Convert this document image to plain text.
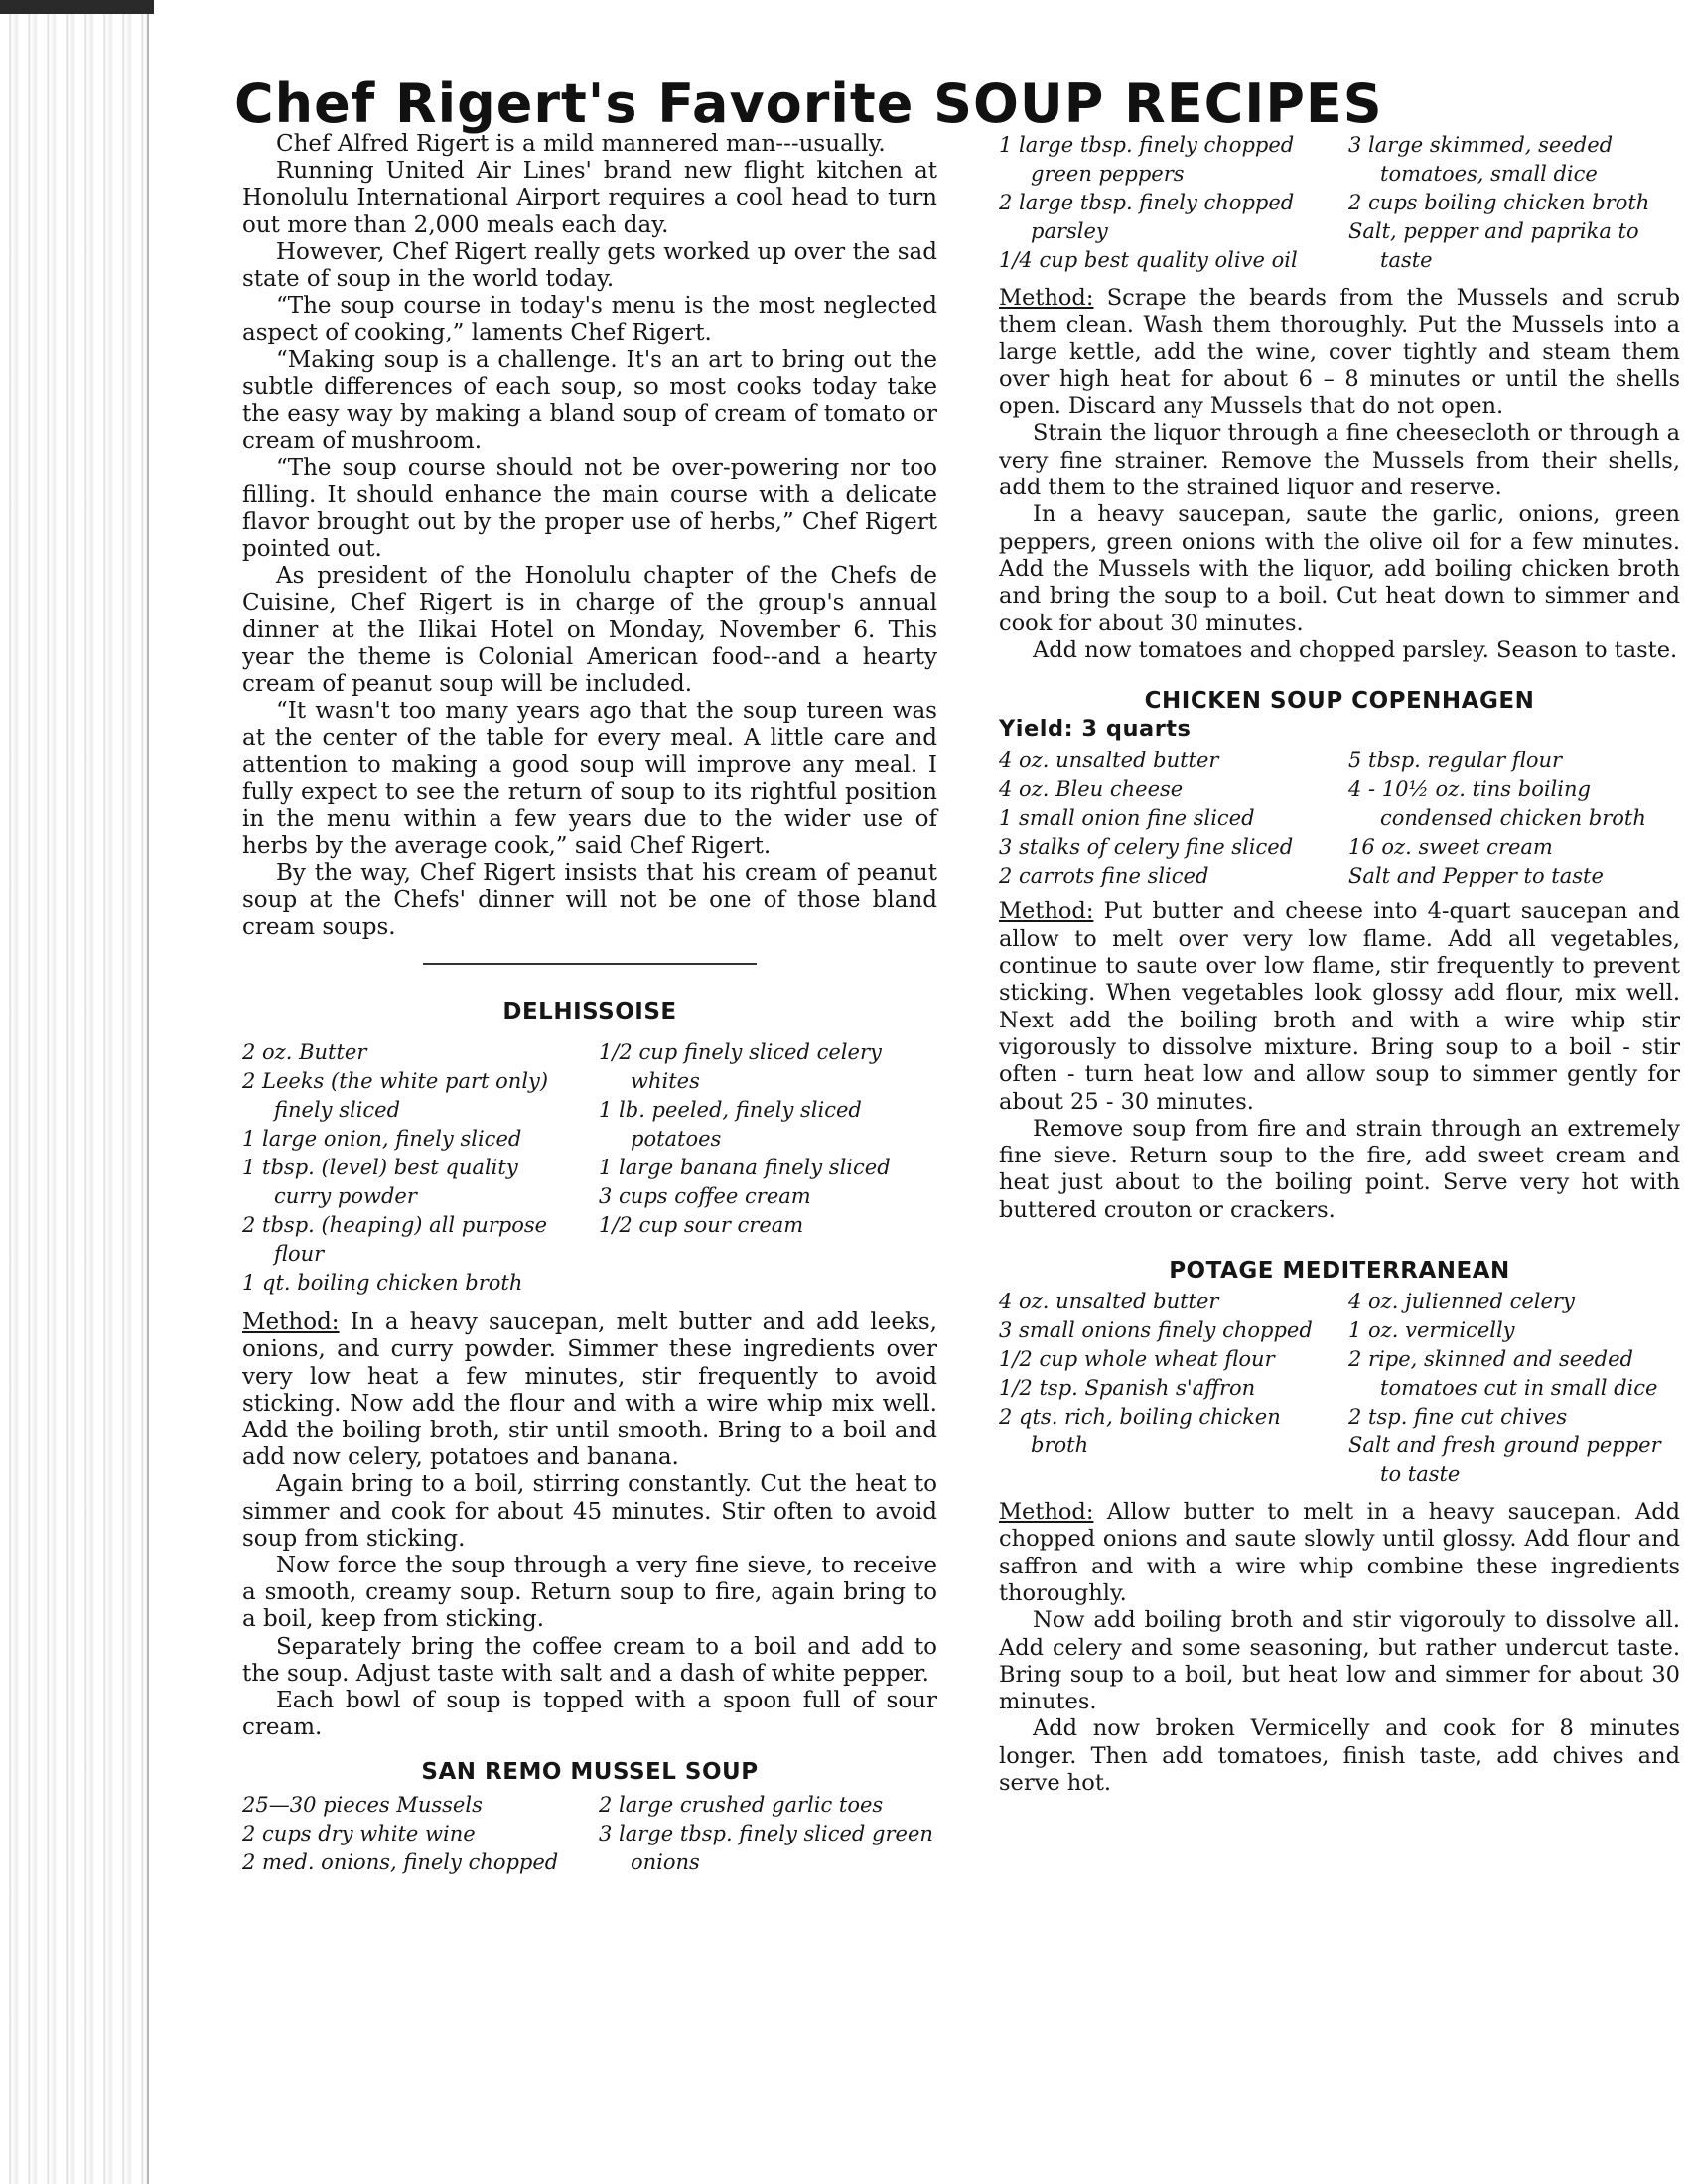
Chef Rigert's Favorite SOUP RECIPES

Chef Alfred Rigert is a mild mannered man---usually.

Running United Air Lines' brand new flight kitchen at Honolulu International Airport requires a cool head to turn out more than 2,000 meals each day.

However, Chef Rigert really gets worked up over the sad state of soup in the world today.

“The soup course in today's menu is the most neglected aspect of cooking,” laments Chef Rigert.

“Making soup is a challenge. It's an art to bring out the subtle differences of each soup, so most cooks today take the easy way by making a bland soup of cream of tomato or cream of mushroom.

“The soup course should not be over-powering nor too filling. It should enhance the main course with a delicate flavor brought out by the proper use of herbs,” Chef Rigert pointed out.

As president of the Honolulu chapter of the Chefs de Cuisine, Chef Rigert is in charge of the group's annual dinner at the Ilikai Hotel on Monday, November 6. This year the theme is Colonial American food--and a hearty cream of peanut soup will be included.

“It wasn't too many years ago that the soup tureen was at the center of the table for every meal. A little care and attention to making a good soup will improve any meal. I fully expect to see the return of soup to its rightful position in the menu within a few years due to the wider use of herbs by the average cook,” said Chef Rigert.

By the way, Chef Rigert insists that his cream of peanut soup at the Chefs' dinner will not be one of those bland cream soups.

DELHISSOISE
2 oz. Butter
2 Leeks (the white part only) finely sliced
1 large onion, finely sliced
1 tbsp. (level) best quality curry powder
2 tbsp. (heaping) all purpose flour
1 qt. boiling chicken broth
1/2 cup finely sliced celery whites
1 lb. peeled, finely sliced potatoes
1 large banana finely sliced
3 cups coffee cream
1/2 cup sour cream

Method: In a heavy saucepan, melt butter and add leeks, onions, and curry powder. Simmer these ingredients over very low heat a few minutes, stir frequently to avoid sticking. Now add the flour and with a wire whip mix well. Add the boiling broth, stir until smooth. Bring to a boil and add now celery, potatoes and banana.

Again bring to a boil, stirring constantly. Cut the heat to simmer and cook for about 45 minutes. Stir often to avoid soup from sticking.

Now force the soup through a very fine sieve, to receive a smooth, creamy soup. Return soup to fire, again bring to a boil, keep from sticking.

Separately bring the coffee cream to a boil and add to the soup. Adjust taste with salt and a dash of white pepper.

Each bowl of soup is topped with a spoon full of sour cream.

SAN REMO MUSSEL SOUP
25—30 pieces Mussels
2 cups dry white wine
2 med. onions, finely chopped
2 large crushed garlic toes
3 large tbsp. finely sliced green onions
1 large tbsp. finely chopped green peppers
2 large tbsp. finely chopped parsley
1/4 cup best quality olive oil
3 large skimmed, seeded tomatoes, small dice
2 cups boiling chicken broth
Salt, pepper and paprika to taste

Method: Scrape the beards from the Mussels and scrub them clean. Wash them thoroughly. Put the Mussels into a large kettle, add the wine, cover tightly and steam them over high heat for about 6 – 8 minutes or until the shells open. Discard any Mussels that do not open.

Strain the liquor through a fine cheesecloth or through a very fine strainer. Remove the Mussels from their shells, add them to the strained liquor and reserve.

In a heavy saucepan, saute the garlic, onions, green peppers, green onions with the olive oil for a few minutes. Add the Mussels with the liquor, add boiling chicken broth and bring the soup to a boil. Cut heat down to simmer and cook for about 30 minutes.

Add now tomatoes and chopped parsley. Season to taste.

CHICKEN SOUP COPENHAGEN

Yield: 3 quarts

4 oz. unsalted butter
4 oz. Bleu cheese
1 small onion fine sliced
3 stalks of celery fine sliced
2 carrots fine sliced
5 tbsp. regular flour
4 - 10½ oz. tins boiling condensed chicken broth
16 oz. sweet cream
Salt and Pepper to taste

Method: Put butter and cheese into 4-quart saucepan and allow to melt over very low flame. Add all vegetables, continue to saute over low flame, stir frequently to prevent sticking. When vegetables look glossy add flour, mix well. Next add the boiling broth and with a wire whip stir vigorously to dissolve mixture. Bring soup to a boil - stir often - turn heat low and allow soup to simmer gently for about 25 - 30 minutes.

Remove soup from fire and strain through an extremely fine sieve. Return soup to the fire, add sweet cream and heat just about to the boiling point. Serve very hot with buttered crouton or crackers.

POTAGE MEDITERRANEAN
4 oz. unsalted butter
3 small onions finely chopped
1/2 cup whole wheat flour
1/2 tsp. Spanish s'affron
2 qts. rich, boiling chicken broth
4 oz. julienned celery
1 oz. vermicelly
2 ripe, skinned and seeded tomatoes cut in small dice
2 tsp. fine cut chives
Salt and fresh ground pepper to taste

Method: Allow butter to melt in a heavy saucepan. Add chopped onions and saute slowly until glossy. Add flour and saffron and with a wire whip combine these ingredients thoroughly.

Now add boiling broth and stir vigorouly to dissolve all. Add celery and some seasoning, but rather undercut taste. Bring soup to a boil, but heat low and simmer for about 30 minutes.

Add now broken Vermicelly and cook for 8 minutes longer. Then add tomatoes, finish taste, add chives and serve hot.
